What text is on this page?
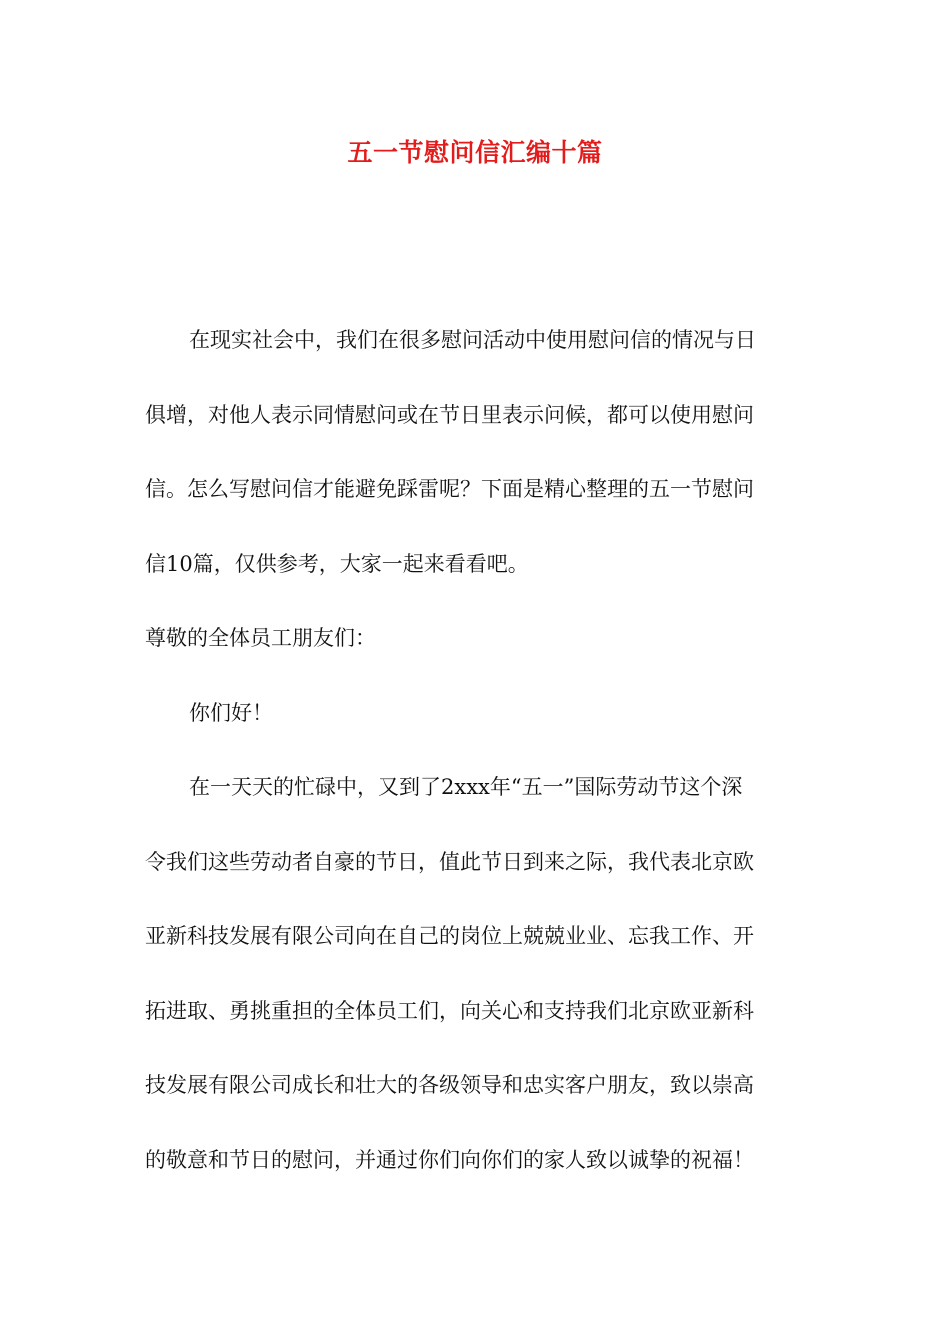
五一节慰问信汇编十篇
在现实社会中，我们在很多慰问活动中使用慰问信的情况与日
俱增，对他人表示同情慰问或在节日里表示问候，都可以使用慰问
信。怎么写慰问信才能避免踩雷呢？下面是精心整理的五一节慰问
信10篇，仅供参考，大家一起来看看吧。
尊敬的全体员工朋友们：
你们好！
在一天天的忙碌中，又到了2xxx年“五一”国际劳动节这个深
令我们这些劳动者自豪的节日，值此节日到来之际，我代表北京欧
亚新科技发展有限公司向在自己的岗位上兢兢业业、忘我工作、开
拓进取、勇挑重担的全体员工们，向关心和支持我们北京欧亚新科
技发展有限公司成长和壮大的各级领导和忠实客户朋友，致以崇高
的敬意和节日的慰问，并通过你们向你们的家人致以诚挚的祝福！
